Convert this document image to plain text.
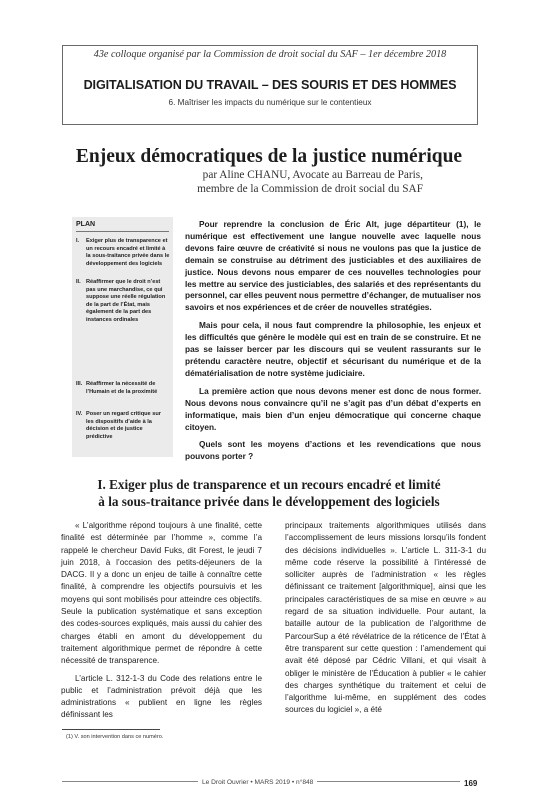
43e colloque organisé par la Commission de droit social du SAF – 1er décembre 2018
DIGITALISATION DU TRAVAIL – DES SOURIS ET DES HOMMES
6. Maîtriser les impacts du numérique sur le contentieux
Enjeux démocratiques de la justice numérique
par Aline CHANU, Avocate au Barreau de Paris,
membre de la Commission de droit social du SAF
PLAN
I. Exiger plus de transparence et un recours encadré et limité à la sous-traitance privée dans le développement des logiciels
II. Réaffirmer que le droit n’est pas une marchandise, ce qui suppose une réelle régulation de la part de l’État, mais également de la part des instances ordinales
III. Réaffirmer la nécessité de l’Humain et de la proximité
IV. Poser un regard critique sur les dispositifs d’aide à la décision et de justice prédictive

Pour reprendre la conclusion de Éric Alt, juge départiteur (1), le numérique est effectivement une langue nouvelle avec laquelle nous devons faire œuvre de créativité si nous ne voulons pas que la justice de demain se construise au détriment des justiciables et des auxiliaires de justice. Nous devons nous emparer de ces nouvelles technologies pour les mettre au service des justiciables, des salariés et des représentants du personnel, car elles peuvent nous permettre d’échanger, de mutualiser nos savoirs et nos expériences et de créer de nouvelles stratégies.

Mais pour cela, il nous faut comprendre la philosophie, les enjeux et les difficultés que génère le modèle qui est en train de se construire. Et ne pas se laisser bercer par les discours qui se veulent rassurants sur le prétendu caractère neutre, objectif et sécurisant du numérique et de la dématérialisation de notre système judiciaire.

La première action que nous devons mener est donc de nous former. Nous devons nous convaincre qu’il ne s’agit pas d’un débat d’experts en informatique, mais bien d’un enjeu démocratique qui concerne chaque citoyen.

Quels sont les moyens d’actions et les revendications que nous pouvons porter ?

I. Exiger plus de transparence et un recours encadré et limité
à la sous-traitance privée dans le développement des logiciels

« L’algorithme répond toujours à une finalité, cette finalité est déterminée par l’homme », comme l’a rappelé le chercheur David Fuks, dit Forest, le jeudi 7 juin 2018, à l’occasion des petits-déjeuners de la DACG. Il y a donc un enjeu de taille à connaître cette finalité, à comprendre les objectifs poursuivis et les moyens qui sont mobilisés pour atteindre ces objectifs. Seule la publication systématique et sans exception des codes-sources expliqués, mais aussi du cahier des charges établi en amont du développement du traitement algorithmique permet de répondre à cette nécessité de transparence.

L’article L. 312-1-3 du Code des relations entre le public et l’administration prévoit déjà que les administrations « publient en ligne les règles définissant les

principaux traitements algorithmiques utilisés dans l’accomplissement de leurs missions lorsqu’ils fondent des décisions individuelles ». L’article L. 311-3-1 du même code réserve la possibilité à l’intéressé de solliciter auprès de l’administration « les règles définissant ce traitement [algorithmique], ainsi que les principales caractéristiques de sa mise en œuvre » au regard de sa situation individuelle. Pour autant, la bataille autour de la publication de l’algorithme de ParcourSup a été révélatrice de la réticence de l’État à être transparent sur cette question : l’amendement qui avait été déposé par Cédric Villani, et qui visait à obliger le ministère de l’Éducation à publier « le cahier des charges synthétique du traitement et celui de l’algorithme lui-même, en supplément des codes sources du logiciel », a été

(1) V. son intervention dans ce numéro.
Le Droit Ouvrier • MARS 2019 • n°848	169
